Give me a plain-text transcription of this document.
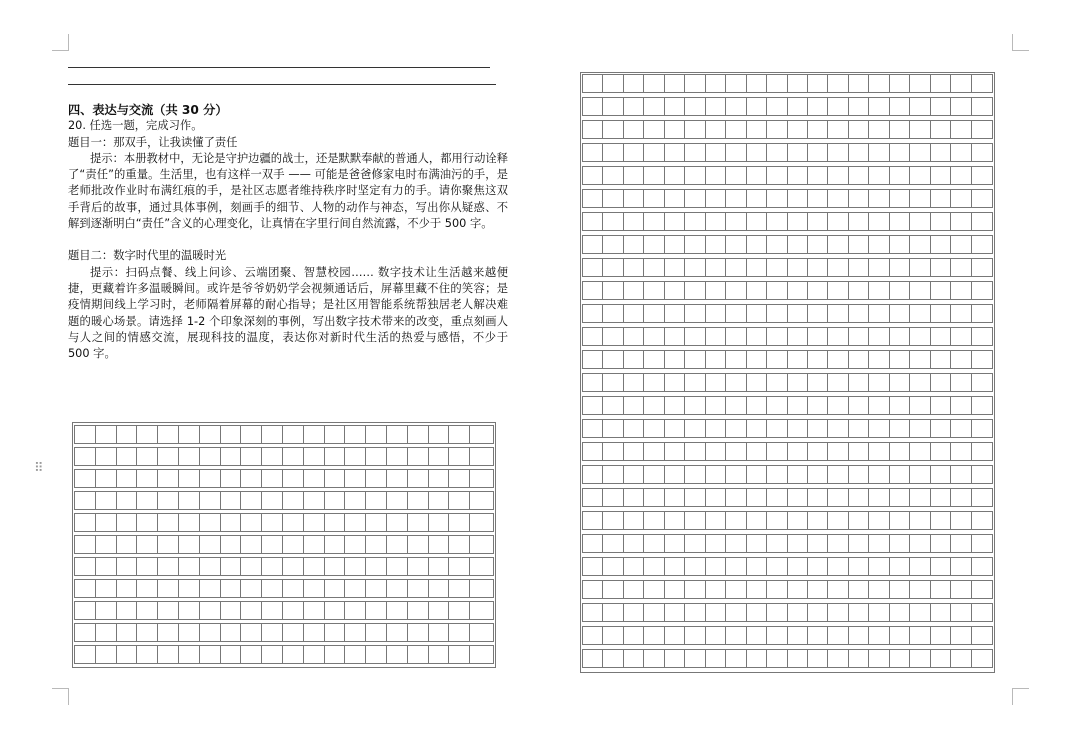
⠿

四、表达与交流（共 30 分）

20. 任选一题，完成习作。

题目一：那双手，让我读懂了责任

提示：本册教材中，无论是守护边疆的战士，还是默默奉献的普通人，都用行动诠释了“责任”的重量。生活里，也有这样一双手 —— 可能是爸爸修家电时布满油污的手，是老师批改作业时布满红痕的手，是社区志愿者维持秩序时坚定有力的手。请你聚焦这双手背后的故事，通过具体事例，刻画手的细节、人物的动作与神态，写出你从疑惑、不解到逐渐明白“责任”含义的心理变化，让真情在字里行间自然流露，不少于 500 字。

题目二：数字时代里的温暖时光

提示：扫码点餐、线上问诊、云端团聚、智慧校园…… 数字技术让生活越来越便捷，更藏着许多温暖瞬间。或许是爷爷奶奶学会视频通话后，屏幕里藏不住的笑容；是疫情期间线上学习时，老师隔着屏幕的耐心指导；是社区用智能系统帮独居老人解决难题的暖心场景。请选择 1-2 个印象深刻的事例，写出数字技术带来的改变，重点刻画人与人之间的情感交流，展现科技的温度，表达你对新时代生活的热爱与感悟，不少于 500 字。
